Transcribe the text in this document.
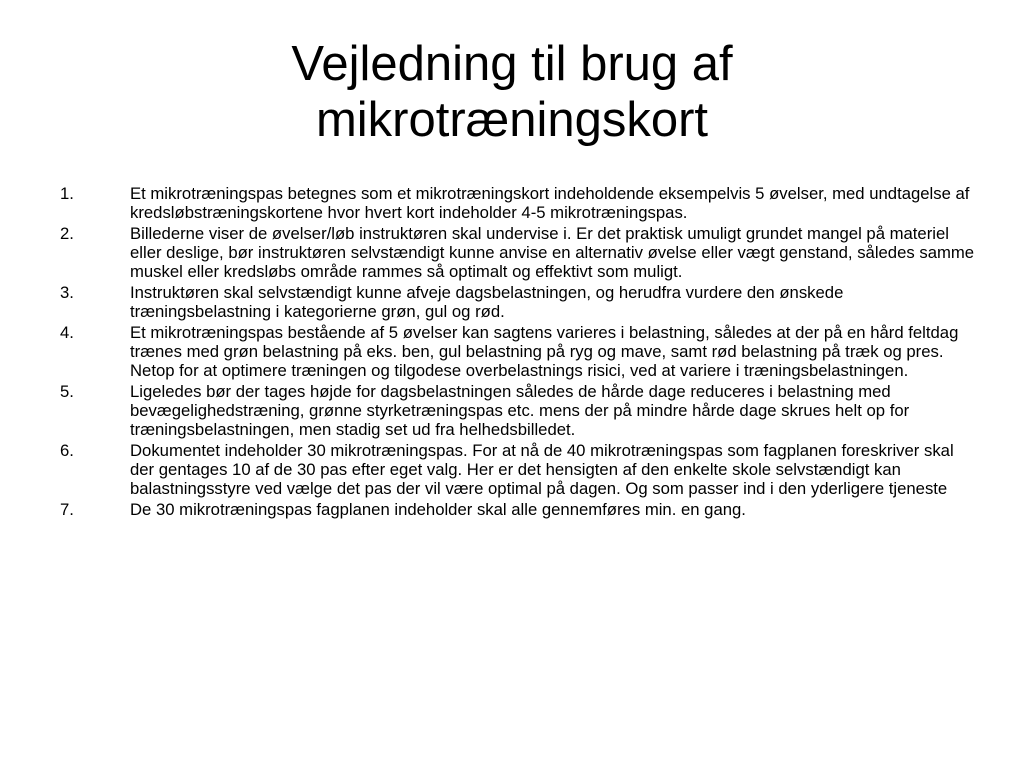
Vejledning til brug af
mikrotræningskort
1.	Et mikrotræningspas betegnes som et mikrotræningskort indeholdende eksempelvis 5 øvelser, med undtagelse af kredsløbstræningskortene hvor hvert kort indeholder 4-5 mikrotræningspas.
2.	Billederne viser de øvelser/løb instruktøren skal undervise i. Er det praktisk umuligt grundet mangel på materiel eller deslige, bør instruktøren selvstændigt kunne anvise en alternativ øvelse eller vægt genstand, således samme muskel eller kredsløbs område rammes så optimalt og effektivt som muligt.
3.	Instruktøren skal selvstændigt kunne afveje dagsbelastningen, og herudfra vurdere den ønskede træningsbelastning i kategorierne grøn, gul og rød.
4.	Et mikrotræningspas bestående af 5 øvelser kan sagtens varieres i belastning, således at der på en hård feltdag trænes med grøn belastning på eks. ben, gul belastning på ryg og mave, samt rød belastning på træk og pres. Netop for at optimere træningen og tilgodese overbelastnings risici, ved at variere i træningsbelastningen.
5.	Ligeledes bør der tages højde for dagsbelastningen således de hårde dage reduceres i belastning med bevægelighedstræning, grønne styrketræningspas etc. mens der på mindre hårde dage skrues helt op for træningsbelastningen, men stadig set ud fra helhedsbilledet.
6.	Dokumentet indeholder 30 mikrotræningspas. For at nå de 40 mikrotræningspas som fagplanen foreskriver skal der gentages 10 af de 30 pas efter eget valg. Her er det hensigten af den enkelte skole selvstændigt kan balastningsstyre ved vælge det pas der vil være optimal på dagen. Og som passer ind i den yderligere tjeneste
7.	De 30 mikrotræningspas fagplanen indeholder skal alle gennemføres min. en gang.
